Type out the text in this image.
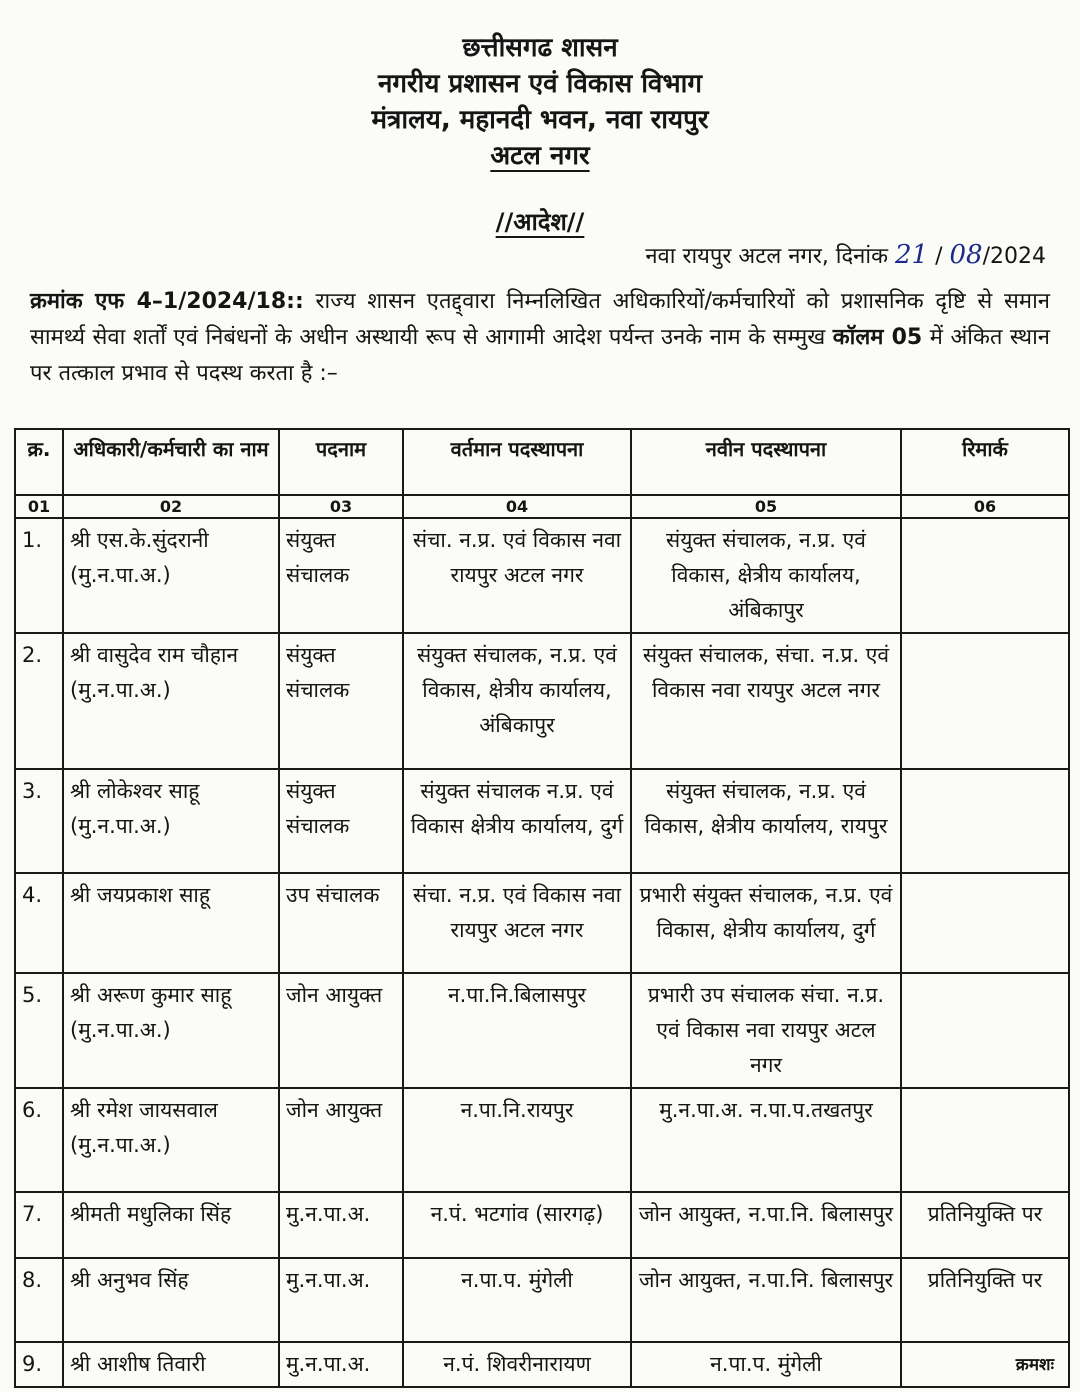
छत्तीसगढ शासन
नगरीय प्रशासन एवं विकास विभाग
मंत्रालय, महानदी भवन, नवा रायपुर
अटल नगर
//आदेश//
नवा रायपुर अटल नगर, दिनांक 21 / 08/2024
क्रमांक एफ 4–1/2024/18:: राज्य शासन एतद्द्वारा निम्नलिखित अधिकारियों/कर्मचारियों को प्रशासनिक दृष्टि से समान सामर्थ्य सेवा शर्तों एवं निबंधनों के अधीन अस्थायी रूप से आगामी आदेश पर्यन्त उनके नाम के सम्मुख कॉलम 05 में अंकित स्थान पर तत्काल प्रभाव से पदस्थ करता है :–
क्र.	अधिकारी/कर्मचारी का नाम	पदनाम	वर्तमान पदस्थापना	नवीन पदस्थापना	रिमार्क
01	02	03	04	05	06
1.	श्री एस.के.सुंदरानी (मु.न.पा.अ.)	संयुक्त संचालक	संचा. न.प्र. एवं विकास नवा रायपुर अटल नगर	संयुक्त संचालक, न.प्र. एवं विकास, क्षेत्रीय कार्यालय, अंबिकापुर	
2.	श्री वासुदेव राम चौहान (मु.न.पा.अ.)	संयुक्त संचालक	संयुक्त संचालक, न.प्र. एवं विकास, क्षेत्रीय कार्यालय, अंबिकापुर	संयुक्त संचालक, संचा. न.प्र. एवं विकास नवा रायपुर अटल नगर	
3.	श्री लोकेश्वर साहू (मु.न.पा.अ.)	संयुक्त संचालक	संयुक्त संचालक न.प्र. एवं विकास क्षेत्रीय कार्यालय, दुर्ग	संयुक्त संचालक, न.प्र. एवं विकास, क्षेत्रीय कार्यालय, रायपुर	
4.	श्री जयप्रकाश साहू	उप संचालक	संचा. न.प्र. एवं विकास नवा रायपुर अटल नगर	प्रभारी संयुक्त संचालक, न.प्र. एवं विकास, क्षेत्रीय कार्यालय, दुर्ग	
5.	श्री अरूण कुमार साहू (मु.न.पा.अ.)	जोन आयुक्त	न.पा.नि.बिलासपुर	प्रभारी उप संचालक संचा. न.प्र. एवं विकास नवा रायपुर अटल नगर	
6.	श्री रमेश जायसवाल (मु.न.पा.अ.)	जोन आयुक्त	न.पा.नि.रायपुर	मु.न.पा.अ. न.पा.प.तखतपुर	
7.	श्रीमती मधुलिका सिंह	मु.न.पा.अ.	न.पं. भटगांव (सारगढ़)	जोन आयुक्त, न.पा.नि. बिलासपुर	प्रतिनियुक्ति पर
8.	श्री अनुभव सिंह	मु.न.पा.अ.	न.पा.प. मुंगेली	जोन आयुक्त, न.पा.नि. बिलासपुर	प्रतिनियुक्ति पर
9.	श्री आशीष तिवारी	मु.न.पा.अ.	न.पं. शिवरीनारायण	न.पा.प. मुंगेली		क्रमशः
